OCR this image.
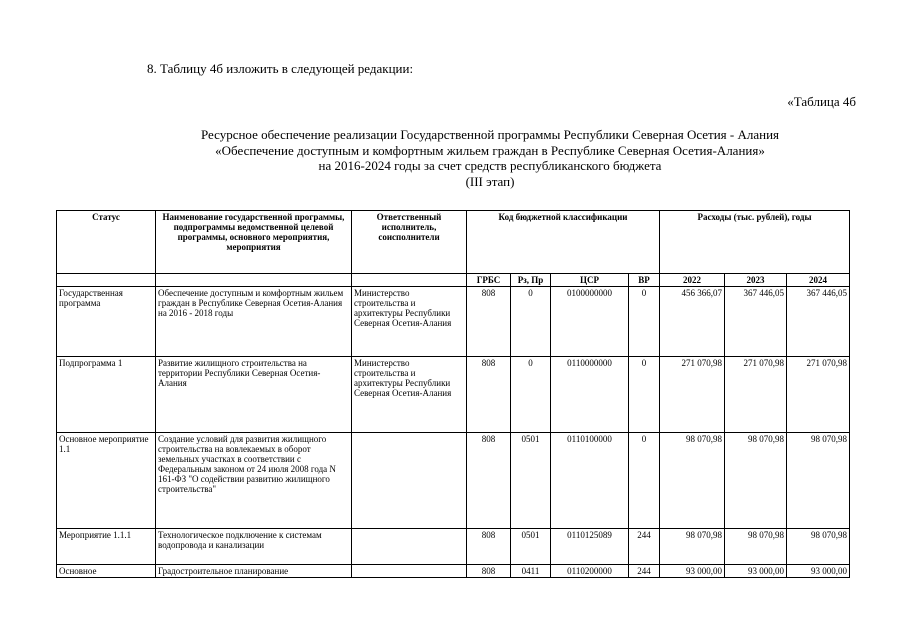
8. Таблицу 4б изложить в следующей редакции:
«Таблица 4б
Ресурсное обеспечение реализации Государственной программы Республики Северная Осетия - Алания
«Обеспечение доступным и комфортным жильем граждан в Республике Северная Осетия-Алания»
на 2016-2024 годы за счет средств республиканского бюджета
(III этап)
Статус	Наименование государственной программы, подпрограммы ведомственной целевой программы, основного мероприятия, мероприятия	Ответственный исполнитель, соисполнители	Код бюджетной классификации				Расходы (тыс. рублей), годы		
			ГРБС	Рз, Пр	ЦСР	ВР	2022	2023	2024
Государственная программа	Обеспечение доступным и комфортным жильем граждан в Республике Северная Осетия-Алания на 2016 - 2018 годы	Министерство строительства и архитектуры Республики Северная Осетия-Алания	808	0	0100000000	0	456 366,07	367 446,05	367 446,05
Подпрограмма 1	Развитие жилищного строительства на территории Республики Северная Осетия-Алания	Министерство строительства и архитектуры Республики Северная Осетия-Алания	808	0	0110000000	0	271 070,98	271 070,98	271 070,98
Основное мероприятие 1.1	Создание условий для развития жилищного строительства на вовлекаемых в оборот земельных участках в соответствии с Федеральным законом от 24 июля 2008 года N 161-ФЗ "О содействии развитию жилищного строительства"		808	0501	0110100000	0	98 070,98	98 070,98	98 070,98
Мероприятие 1.1.1	Технологическое подключение к системам водопровода и канализации		808	0501	0110125089	244	98 070,98	98 070,98	98 070,98
Основное	Градостроительное планирование		808	0411	0110200000	244	93 000,00	93 000,00	93 000,00
